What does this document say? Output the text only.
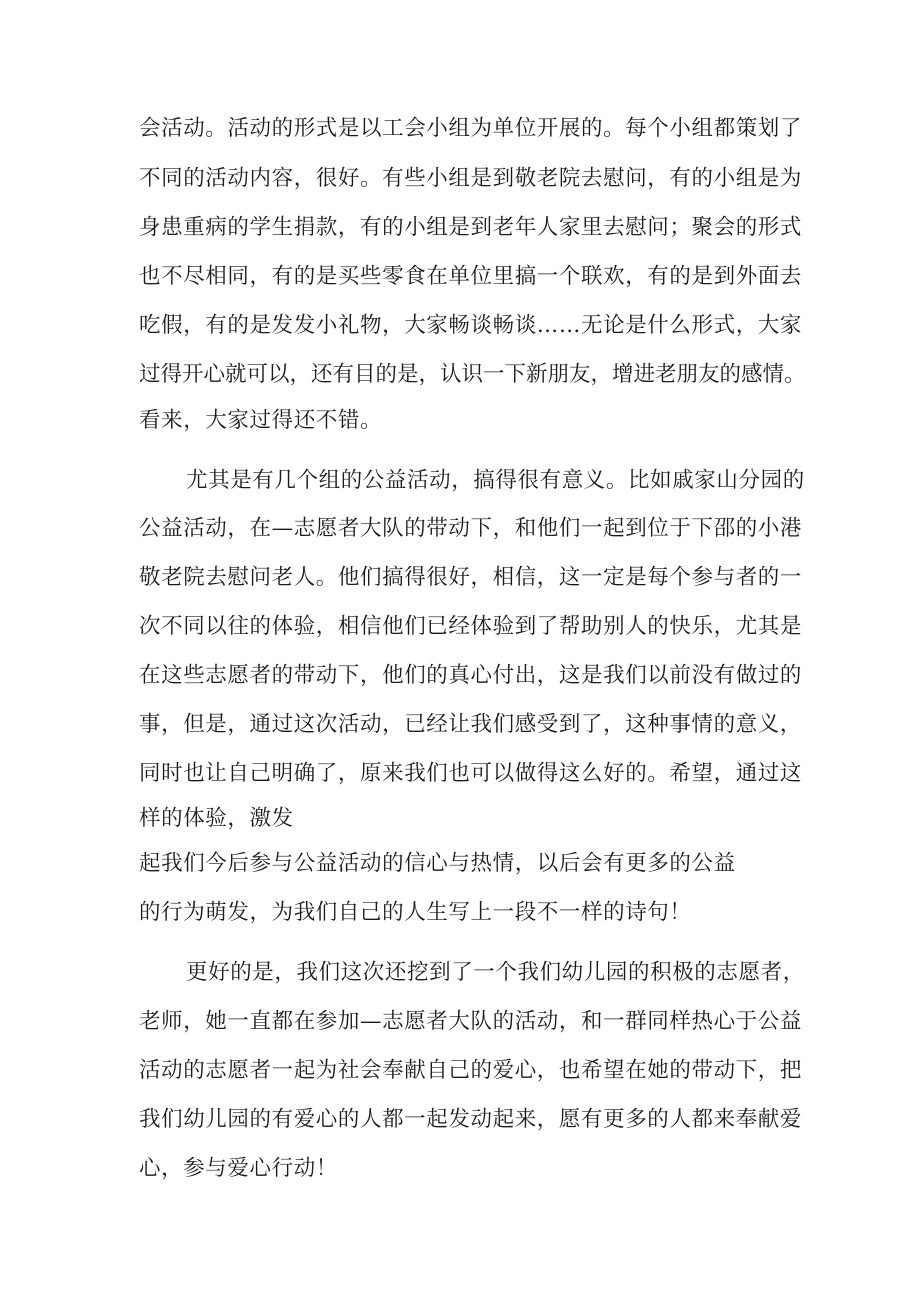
会活动。活动的形式是以工会小组为单位开展的。每个小组都策划了
不同的活动内容，很好。有些小组是到敬老院去慰问，有的小组是为
身患重病的学生捐款，有的小组是到老年人家里去慰问；聚会的形式
也不尽相同，有的是买些零食在单位里搞一个联欢，有的是到外面去
吃假，有的是发发小礼物，大家畅谈畅谈……无论是什么形式，大家
过得开心就可以，还有目的是，认识一下新朋友，增进老朋友的感情。
看来，大家过得还不错。
尤其是有几个组的公益活动，搞得很有意义。比如戚家山分园的
公益活动，在—志愿者大队的带动下，和他们一起到位于下邵的小港
敬老院去慰问老人。他们搞得很好，相信，这一定是每个参与者的一
次不同以往的体验，相信他们已经体验到了帮助别人的快乐，尤其是
在这些志愿者的带动下，他们的真心付出，这是我们以前没有做过的
事，但是，通过这次活动，已经让我们感受到了，这种事情的意义，
同时也让自己明确了，原来我们也可以做得这么好的。希望，通过这
样的体验，激发
起我们今后参与公益活动的信心与热情，以后会有更多的公益
的行为萌发，为我们自己的人生写上一段不一样的诗句！
更好的是，我们这次还挖到了一个我们幼儿园的积极的志愿者，
老师，她一直都在参加—志愿者大队的活动，和一群同样热心于公益
活动的志愿者一起为社会奉献自己的爱心，也希望在她的带动下，把
我们幼儿园的有爱心的人都一起发动起来，愿有更多的人都来奉献爱
心，参与爱心行动！
